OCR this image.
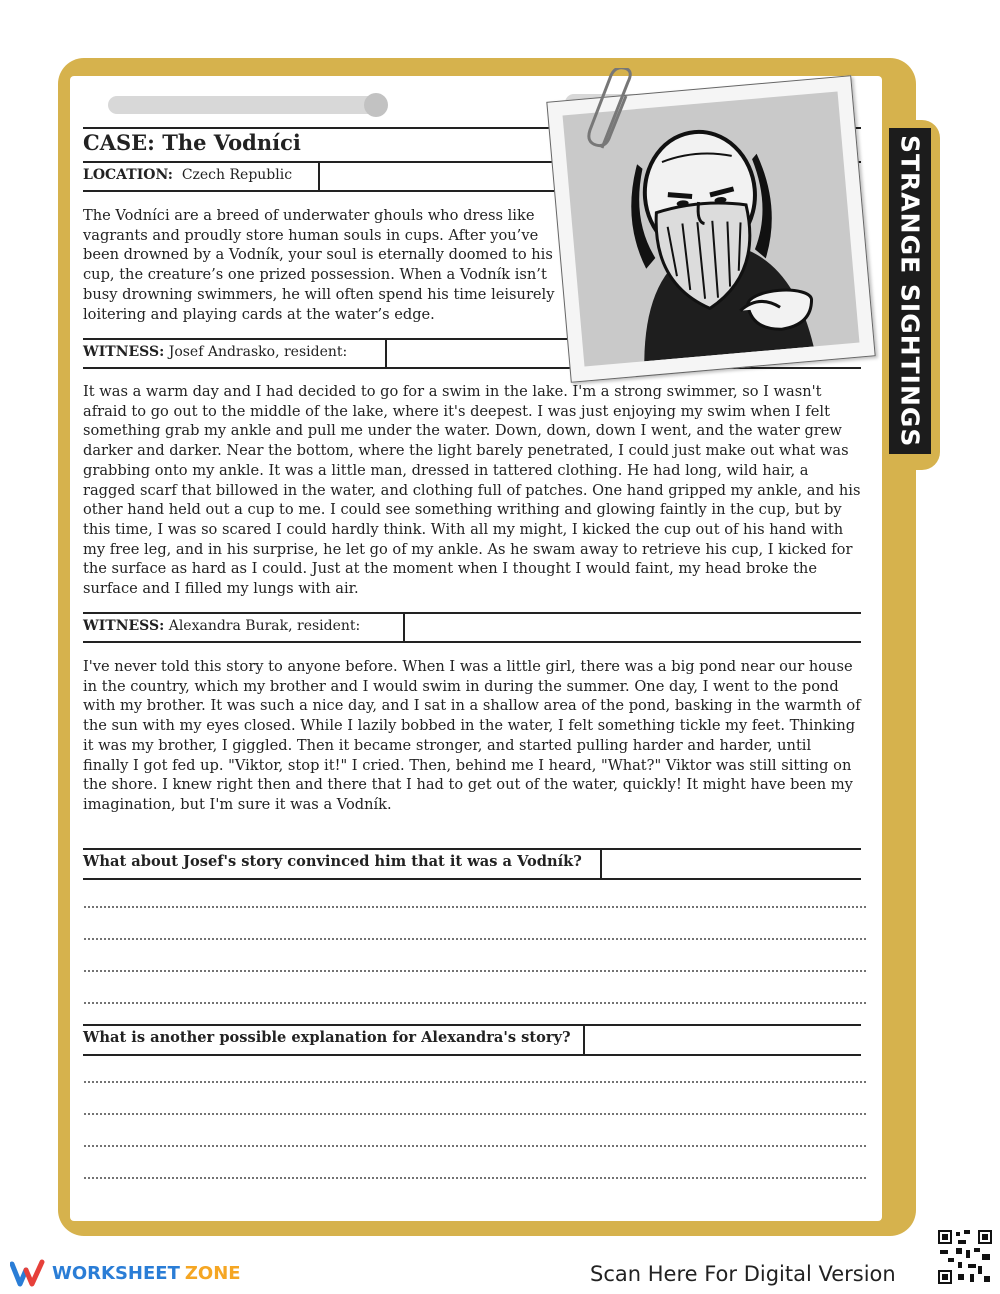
STRANGE SIGHTINGS
CASE: The Vodníci
LOCATION: Czech Republic

The Vodníci are a breed of underwater ghouls who dress like vagrants and proudly store human souls in cups. After you’ve been drowned by a Vodník, your soul is eternally doomed to his cup, the creature’s one prized possession. When a Vodník isn’t busy drowning swimmers, he will often spend his time leisurely loitering and playing cards at the water’s edge.

WITNESS: Josef Andrasko, resident:

It was a warm day and I had decided to go for a swim in the lake. I'm a strong swimmer, so I wasn't afraid to go out to the middle of the lake, where it's deepest. I was just enjoying my swim when I felt something grab my ankle and pull me under the water. Down, down, down I went, and the water grew darker and darker. Near the bottom, where the light barely penetrated, I could just make out what was grabbing onto my ankle. It was a little man, dressed in tattered clothing. He had long, wild hair, a ragged scarf that billowed in the water, and clothing full of patches. One hand gripped my ankle, and his other hand held out a cup to me. I could see something writhing and glowing faintly in the cup, but by this time, I was so scared I could hardly think. With all my might, I kicked the cup out of his hand with my free leg, and in his surprise, he let go of my ankle. As he swam away to retrieve his cup, I kicked for the surface as hard as I could. Just at the moment when I thought I would faint, my head broke the surface and I filled my lungs with air.

WITNESS: Alexandra Burak, resident:

I've never told this story to anyone before. When I was a little girl, there was a big pond near our house in the country, which my brother and I would swim in during the summer. One day, I went to the pond with my brother. It was such a nice day, and I sat in a shallow area of the pond, basking in the warmth of the sun with my eyes closed. While I lazily bobbed in the water, I felt something tickle my feet. Thinking it was my brother, I giggled. Then it became stronger, and started pulling harder and harder, until finally I got fed up. "Viktor, stop it!" I cried. Then, behind me I heard, "What?" Viktor was still sitting on the shore. I knew right then and there that I had to get out of the water, quickly! It might have been my imagination, but I'm sure it was a Vodník.

What about Josef's story convinced him that it was a Vodník?

What is another possible explanation for Alexandra's story?

WORKSHEET ZONE	Scan Here For Digital Version
